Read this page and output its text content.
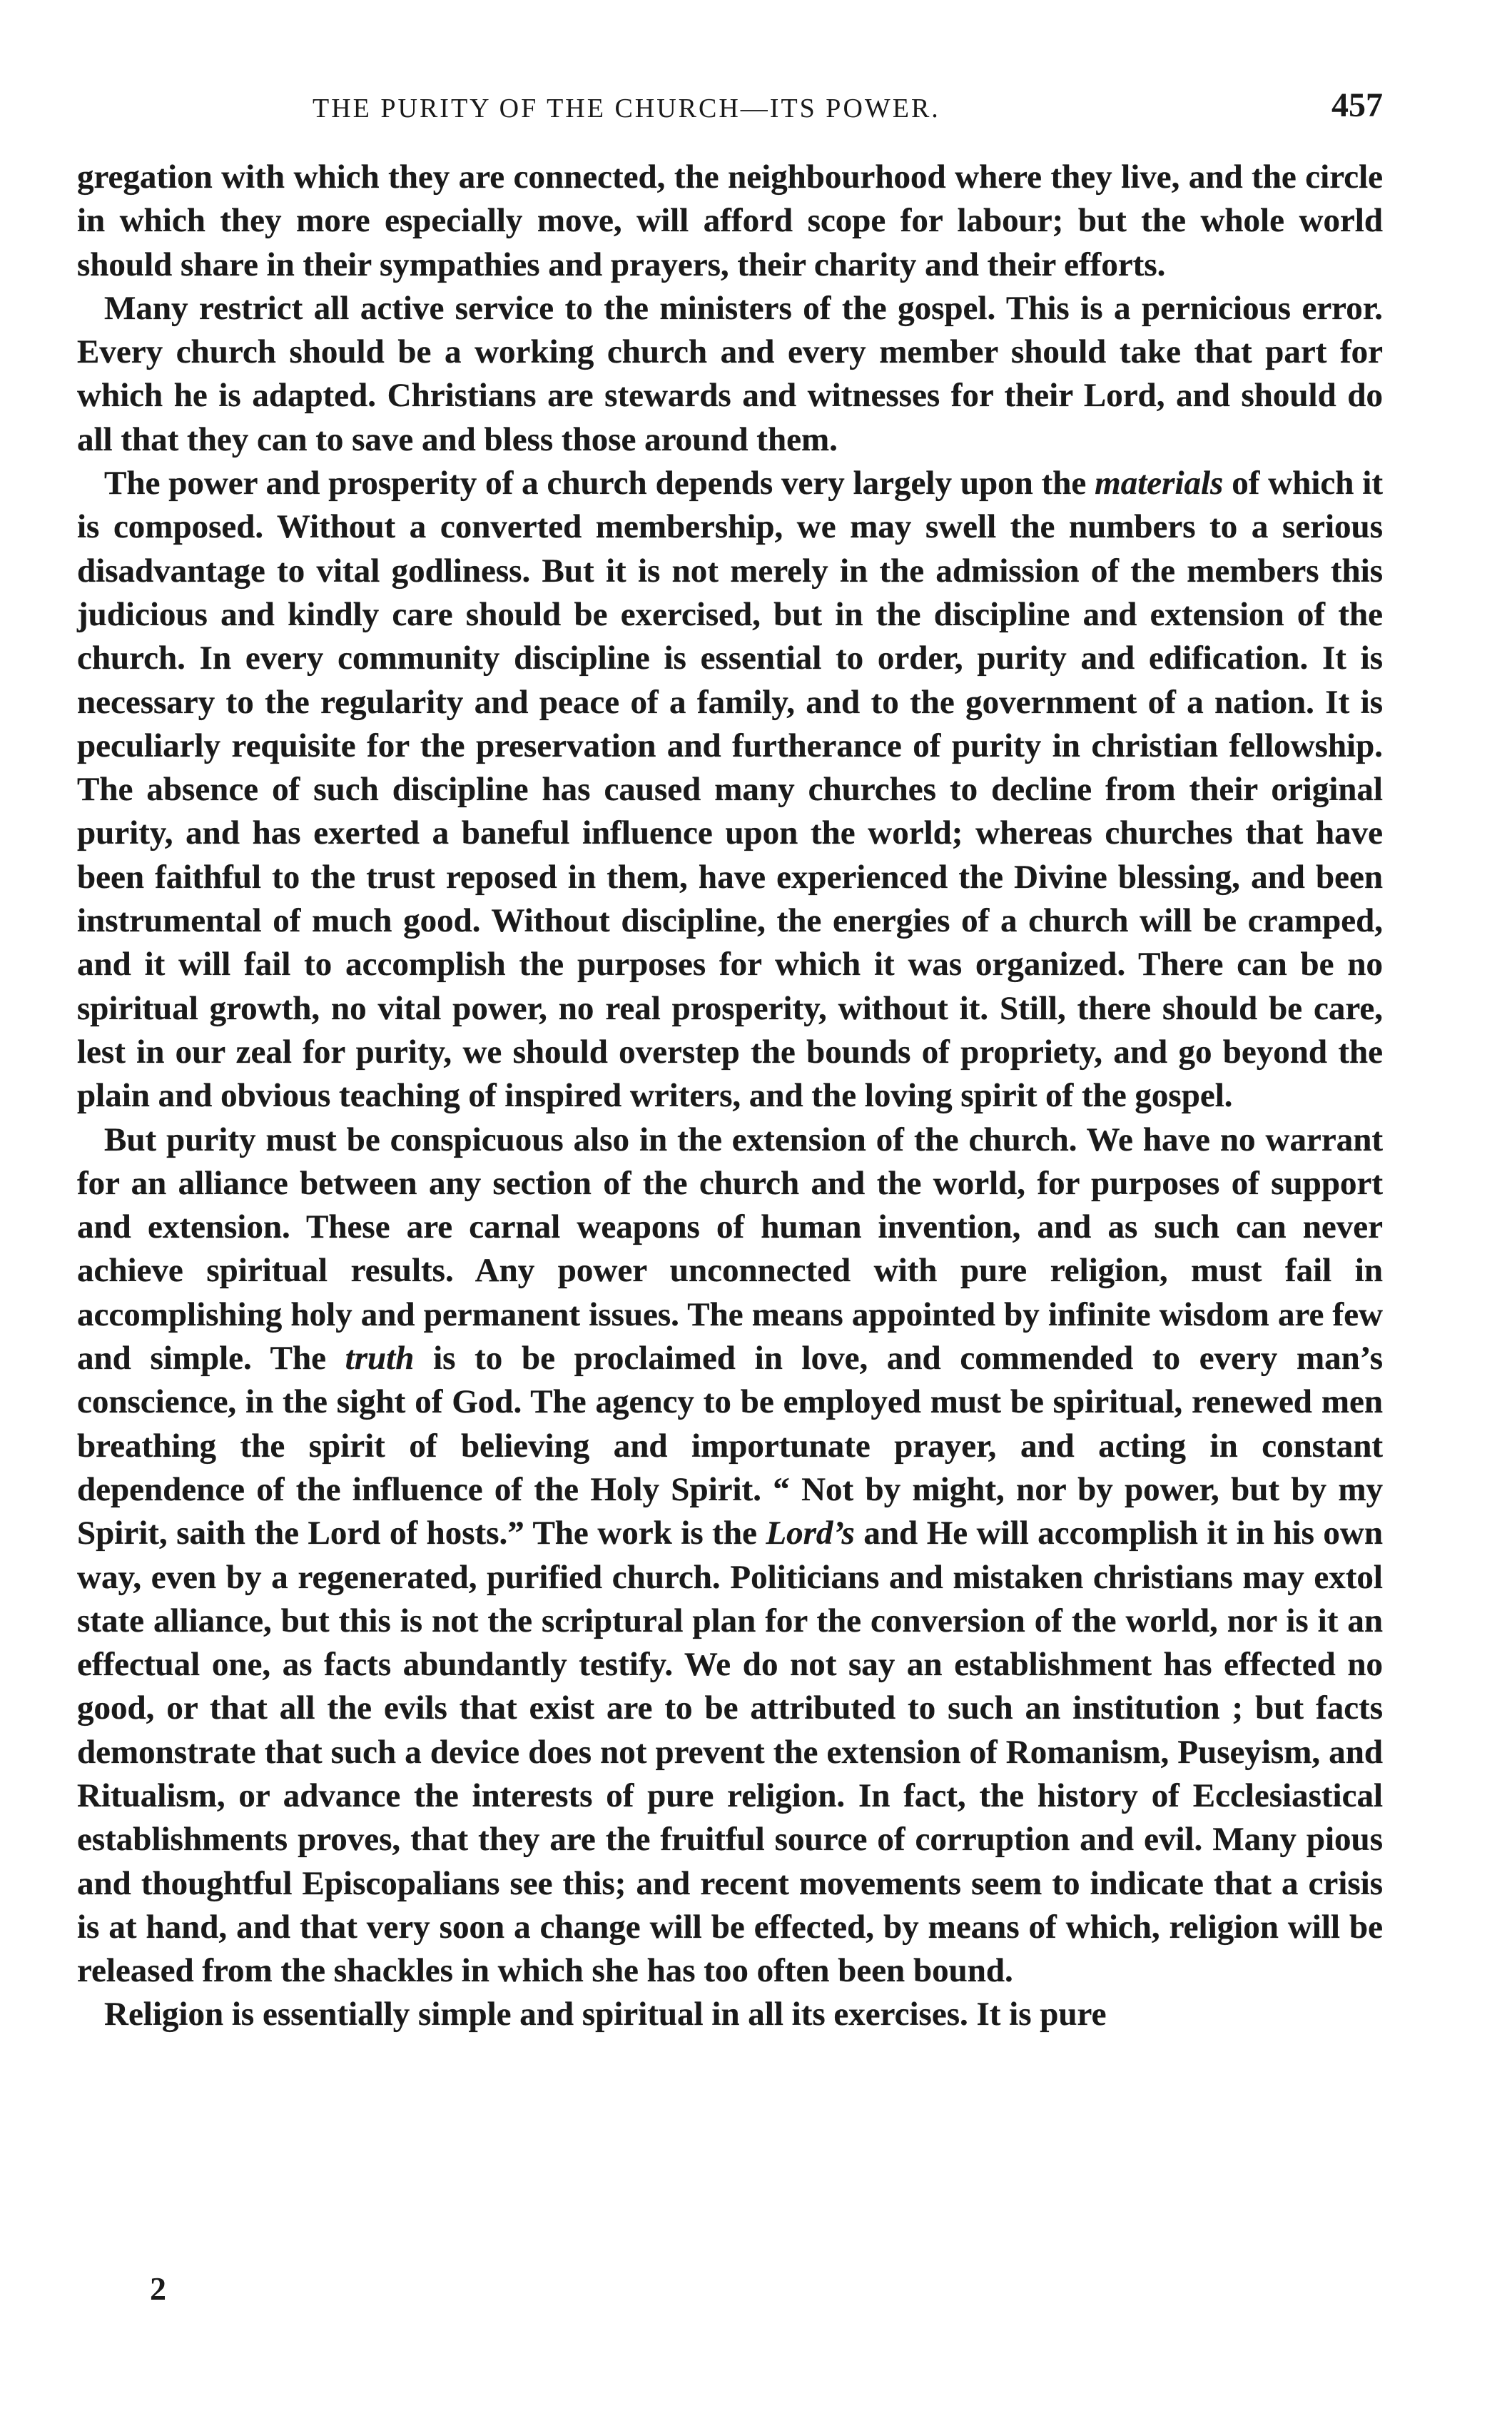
THE PURITY OF THE CHURCH—ITS POWER.	457

gregation with which they are connected, the neighbourhood where they live, and the circle in which they more especially move, will afford scope for labour; but the whole world should share in their sympathies and prayers, their charity and their efforts.

Many restrict all active service to the ministers of the gospel. This is a pernicious error. Every church should be a working church and every member should take that part for which he is adapted. Christians are stewards and witnesses for their Lord, and should do all that they can to save and bless those around them.

The power and prosperity of a church depends very largely upon the materials of which it is composed. Without a converted membership, we may swell the numbers to a serious disadvantage to vital godliness. But it is not merely in the admission of the members this judicious and kindly care should be exercised, but in the discipline and extension of the church. In every community discipline is essential to order, purity and edification. It is necessary to the regularity and peace of a family, and to the government of a nation. It is peculiarly requisite for the preservation and furtherance of purity in christian fellowship. The absence of such discipline has caused many churches to decline from their original purity, and has exerted a baneful influence upon the world; whereas churches that have been faithful to the trust reposed in them, have experienced the Divine blessing, and been instrumental of much good. Without discipline, the energies of a church will be cramped, and it will fail to accomplish the purposes for which it was organized. There can be no spiritual growth, no vital power, no real prosperity, without it. Still, there should be care, lest in our zeal for purity, we should overstep the bounds of propriety, and go beyond the plain and obvious teaching of inspired writers, and the loving spirit of the gospel.

But purity must be conspicuous also in the extension of the church. We have no warrant for an alliance between any section of the church and the world, for purposes of support and extension. These are carnal weapons of human invention, and as such can never achieve spiritual results. Any power unconnected with pure religion, must fail in accomplishing holy and permanent issues. The means appointed by infinite wisdom are few and simple. The truth is to be proclaimed in love, and commended to every man’s conscience, in the sight of God. The agency to be employed must be spiritual, renewed men breathing the spirit of believing and importunate prayer, and acting in constant dependence of the influence of the Holy Spirit. “ Not by might, nor by power, but by my Spirit, saith the Lord of hosts.” The work is the Lord’s and He will accomplish it in his own way, even by a regenerated, purified church. Politicians and mistaken christians may extol state alliance, but this is not the scriptural plan for the conversion of the world, nor is it an effectual one, as facts abundantly testify. We do not say an establishment has effected no good, or that all the evils that exist are to be attributed to such an institution ; but facts demonstrate that such a device does not prevent the extension of Romanism, Puseyism, and Ritualism, or advance the interests of pure religion. In fact, the history of Ecclesiastical establishments proves, that they are the fruitful source of corruption and evil. Many pious and thoughtful Episcopalians see this; and recent movements seem to indicate that a crisis is at hand, and that very soon a change will be effected, by means of which, religion will be released from the shackles in which she has too often been bound.

Religion is essentially simple and spiritual in all its exercises. It is pure

2
